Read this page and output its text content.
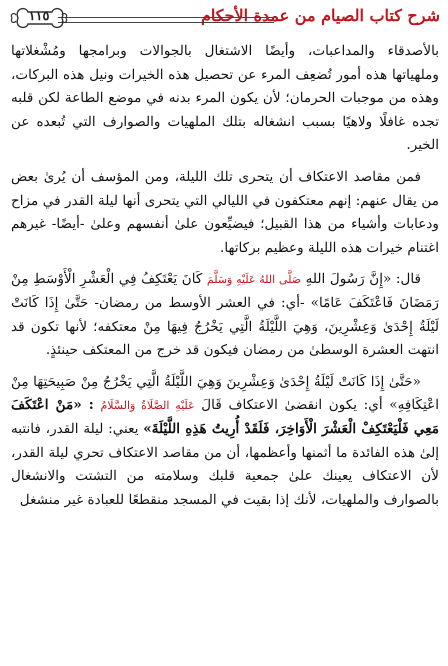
شرح كتاب الصيام من عمدة الأحكام
١١٥

بالأصدقاء والمداعبات، وأيضًا الاشتغال بالجوالات وبرامجها ومُشْغلاتها وملهياتها هذه أمور تُضعِف المرء عن تحصيل هذه الخيرات ونيل هذه البركات، وهذه من موجبات الحرمان؛ لأن يكون المرء بدنه في موضع الطاعة لكن قلبه تجده غافلًا ولاهيًا بسبب انشغاله بتلك الملهيات والصوارف التي تُبعده عن الخير.

فمن مقاصد الاعتكاف أن يتحرى تلك الليلة، ومن المؤسف أن يُرىٰ بعض من يقال عنهم: إنهم معتكفون في الليالي التي يتحرى أنها ليلة القدر في مزاح ودعابات وأشياء من هذا القبيل؛ فيضيِّعون علىٰ أنفسهم وعلىٰ -أيضًا- غيرهم اغتنام خيرات هذه الليلة وعظيم بركاتها.

قال: «إِنَّ رَسُولَ اللهِ صَلَّى اللهُ عَلَيْهِ وَسَلَّمَ كَانَ يَعْتَكِفُ فِي الْعَشْرِ الْأَوْسَطِ مِنْ رَمَضَانَ فَاعْتَكَفَ عَامًا» -أي: في العشر الأوسط من رمضان- حَتَّىٰ إِذَا كَانَتْ لَيْلَةُ إِحْدَىٰ وَعِشْرِينَ، وَهِيَ اللَّيْلَةُ الَّتِي يَخْرُجُ فِيهَا مِنْ معتكفه؛ لأنها تكون قد انتهت العشرة الوسطىٰ من رمضان فيكون قد خرج من المعتكف حينئذٍ.

«حَتَّىٰ إِذَا كَانَتْ لَيْلَةُ إِحْدَىٰ وَعِشْرِينَ وَهِيَ اللَّيْلَةُ الَّتِي يَخْرُجُ مِنْ صَبِيحَتِهَا مِنْ اعْتِكَافِهِ» أي: يكون انقضىٰ الاعتكاف قَالَ عَلَيْهِ الصَّلَاةُ وَالسَّلَامُ : «مَنْ اعْتَكَفَ مَعِي فَلْيَعْتَكِفْ الْعَشْرَ الْأَوَاخِرَ، فَلَقَدْ أُرِيتُ هَذِهِ اللَّيْلَةَ» يعني: ليلة القدر، فانتبه إلىٰ هذه الفائدة ما أثمنها وأعظمها، أن من مقاصد الاعتكاف تحري ليلة القدر، لأن الاعتكاف يعينك علىٰ جمعية قلبك وسلامته من التشتت والانشغال بالصوارف والملهيات، لأنك إذا بقيت في المسجد منقطعًا للعبادة غير منشغل
